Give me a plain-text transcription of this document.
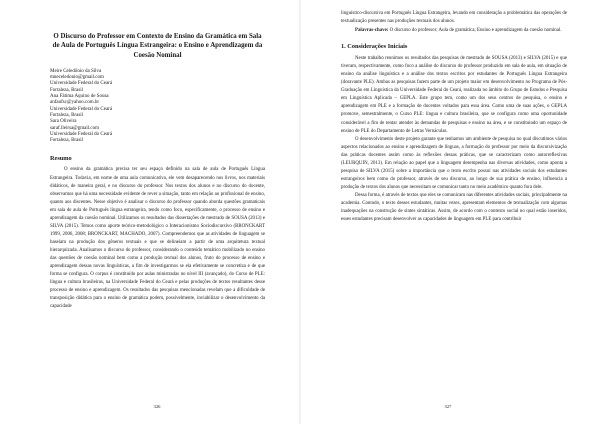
O Discurso do Professor em Contexto de Ensino da Gramática em Sala de Aula de Português Língua Estrangeira: o Ensino e Aprendizagem da Coesão Nominal
Meire Celedônio da Silva
mneceledonio@gmail.com
Universidade Federal do Ceará
Fortaleza, Brasil
Ana Fátima Aquino de Sousa
anfaufsc@yahoo.com.br
Universidade Federal do Ceará
Fortaleza, Brasil
Sara Oliveira
saraf.lleirsa@gmail.com
Universidade Federal do Ceará
Fortaleza, Brasil
Resumo

O ensino da gramática precisa ter seu espaço definido na sala de aula de Português Língua Estrangeira. Todavia, em nome de uma aula comunicativa, ele vem desaparecendo nos livros, nos materiais didáticos, de maneira geral, e no discurso do professor. Nos textos dos alunos e no discurso do docente, observamos que há uma necessidade evidente de rever a situação, tanto em relação ao profissional de ensino, quanto aos discentes. Nesse objetivo é analisar o discurso do professor quando aborda questões gramaticais em sala de aula de Português língua estrangeira, tendo como foco, especificamente, o processo de ensino e aprendizagem da coesão nominal. Utilizamos os resultados das dissertações de mestrado de SOUSA (2013) e SILVA (2015). Temos como aporte teórico-metodológico o Interacionismo Sociodiscursivo (BRONCKART 1999, 2006, 2008; BRONCKART, MACHADO, 2007). Compreendemos que as atividades de linguagem se baseiam na produção dos gêneros textuais e que se delineiam a partir de uma arquitetura textual hierarquizada. Analisamos o discurso do professor, considerando o conteúdo temático mobilizado no ensino das questões de coesão nominal bem como a produção textual dos alunos, fruto do processo de ensino e aprendizagem dessas novas linguísticas, a fim de investigarmos se ela efetivamente se concretiza e de que forma se configura. O corpus é constituído por aulas ministradas no nível III (avançado), do Curso de PLE: língua e cultura brasileiras, na Universidade Federal do Ceará e pelas produções de textos resultantes desse processo de ensino e aprendizagem. Os resultados das pesquisas mencionadas revelam que a dificuldade de transposição didática para o ensino de gramática podem, possivelmente, inviabilizar o desenvolvimento da capacidade

326

linguístico-discursiva em Português Língua Estrangeira, levando em consideração a problemática das operações de textualização presentes nas produções textuais dos alunos.

Palavras-chave: O discurso do professor; Aula de gramática; Ensino e aprendizagem da coesão nominal.

1. Considerações Iniciais

Neste trabalho reunimos os resultados das pesquisas de mestrado de SOUSA (2013) e SILVA (2015) e que tiveram, respectivamente, como foco a análise do discurso do professor produzido em sala de aula, em situação de ensino da análise linguística e a análise dos textos escritos por estudantes de Português Língua Estrangeira (doravante PLE). Ambas as pesquisas fazem parte de um projeto maior em desenvolvimento no Programa de Pós-Graduação em Linguística da Universidade Federal do Ceará, realizada no âmbito do Grupo de Estudos e Pesquisa em Linguística Aplicada – GEPLA. Este grupo tem, como um dos seus centros de pesquisa, o ensino e aprendizagem em PLE e a formação de docentes voltados para essa área. Como uma de suas ações, o GEPLA promove, semestralmente, o Curso PLE: língua e cultura brasileira, que se configura como uma oportunidade considerável a fim de tentar atender às demandas de pesquisas e ensino na área, e se constituindo um espaço de ensino de PLE do Departamento de Letras Vernáculas.

O desenvolvimento deste projeto garante que tenhamos um ambiente de pesquisa no qual discutimos vários aspectos relacionados ao ensino e aprendizagem de línguas, a formação do professor por meio da discursivização das práticas docentes assim como às reflexões dessas práticas, que se caracterizam como autorreflexivas (LEURQUIN, 2013). Em relação ao papel que a linguagem desempenha nas diversas atividades, como aponta a pesquisa de SILVA (2015) sobre a importância que o texto escrito possui nas atividades sociais dos estudantes estrangeiros bem como do professor, através de seu discurso, ao longo de sua prática de ensino, influencia a produção de textos dos alunos que necessitam se comunicar tanto no meio acadêmico quanto fora dele.

Dessa forma, é através de textos que eles se comunicam nas diferentes atividades sociais, principalmente na academia. Contudo, o texto desses estudantes, muitas vezes, apresentam elementos de textualização com algumas inadequações na construção de sintes sintáticas. Assim, de acordo com o contexto social no qual estão inseridos, esses estudantes precisam desenvolver as capacidades de linguagem em PLE para contribuir

327
